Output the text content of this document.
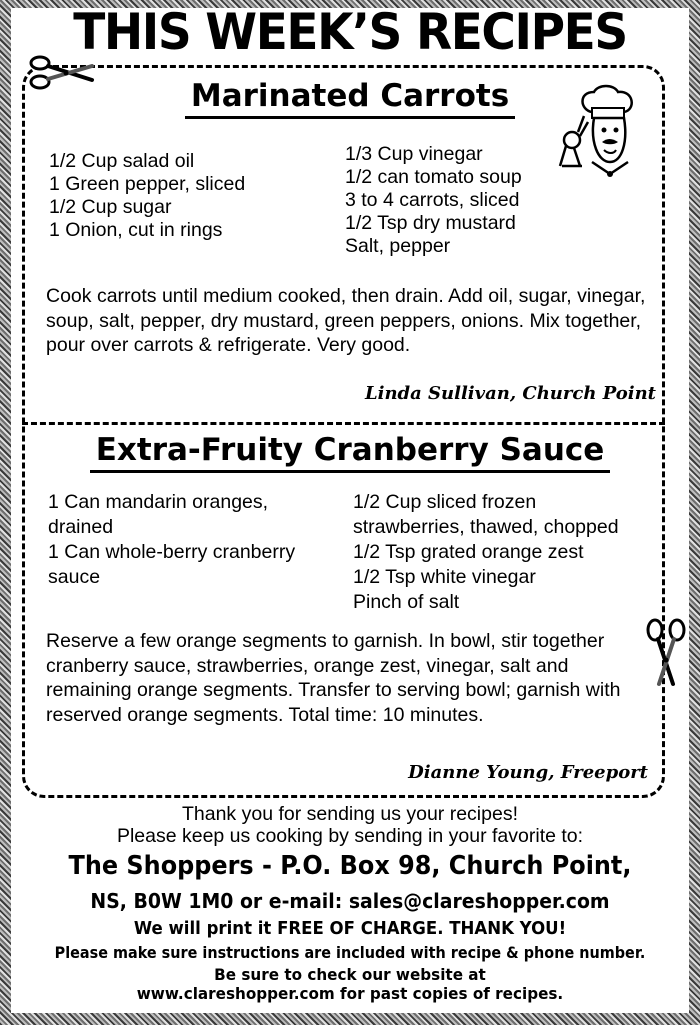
THIS WEEK’S RECIPES
Marinated Carrots
1/2 Cup salad oil
1 Green pepper, sliced
1/2 Cup sugar
1 Onion, cut in rings
1/3 Cup vinegar
1/2 can tomato soup
3 to 4 carrots, sliced
1/2 Tsp dry mustard
Salt, pepper
Cook carrots until medium cooked, then drain. Add oil, sugar, vinegar, soup, salt, pepper, dry mustard, green peppers, onions. Mix together, pour over carrots & refrigerate. Very good.
Linda Sullivan, Church Point
Extra-Fruity Cranberry Sauce
1 Can mandarin oranges,
drained
1 Can whole-berry cranberry
sauce
1/2 Cup sliced frozen
strawberries, thawed, chopped
1/2 Tsp grated orange zest
1/2 Tsp white vinegar
Pinch of salt
Reserve a few orange segments to garnish. In bowl, stir together cranberry sauce, strawberries, orange zest, vinegar, salt and remaining orange segments. Transfer to serving bowl; garnish with reserved orange segments. Total time: 10 minutes.
Dianne Young, Freeport
Thank you for sending us your recipes!
Please keep us cooking by sending in your favorite to:
The Shoppers - P.O. Box 98, Church Point,
NS, B0W 1M0 or e-mail: sales@clareshopper.com
We will print it FREE OF CHARGE. THANK YOU!
Please make sure instructions are included with recipe & phone number.
Be sure to check our website at
www.clareshopper.com for past copies of recipes.
